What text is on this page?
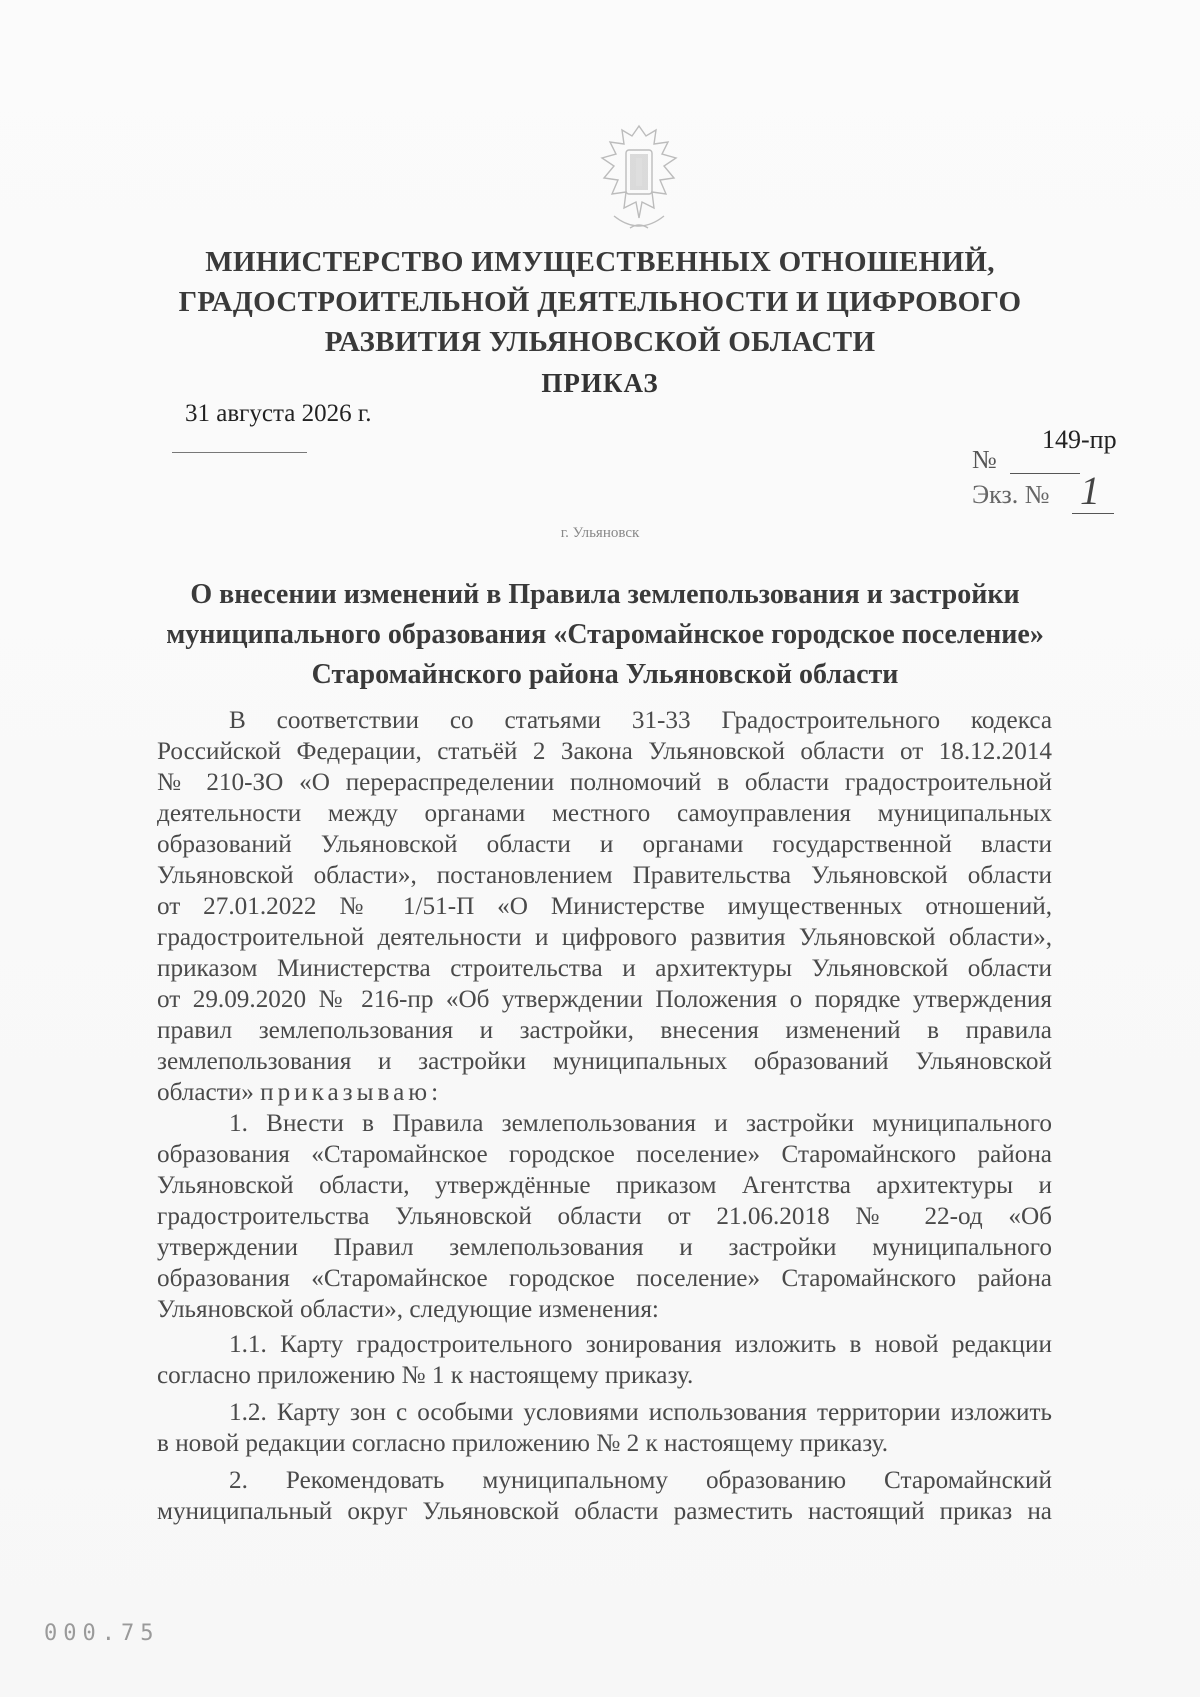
МИНИСТЕРСТВО ИМУЩЕСТВЕННЫХ ОТНОШЕНИЙ,
ГРАДОСТРОИТЕЛЬНОЙ ДЕЯТЕЛЬНОСТИ И ЦИФРОВОГО
РАЗВИТИЯ УЛЬЯНОВСКОЙ ОБЛАСТИ
ПРИКАЗ
31 августа 2026 г.
№
149-пр
Экз. № 1
г. Ульяновск
О внесении изменений в Правила землепользования и застройки
муниципального образования «Старомайнское городское поселение»
Старомайнского района Ульяновской области
В соответствии со статьями 31-33 Градостроительного кодекса
Российской Федерации, статьёй 2 Закона Ульяновской области от 18.12.2014
№ 210-ЗО «О перераспределении полномочий в области градостроительной
деятельности между органами местного самоуправления муниципальных
образований Ульяновской области и органами государственной власти
Ульяновской области», постановлением Правительства Ульяновской области
от 27.01.2022 № 1/51-П «О Министерстве имущественных отношений,
градостроительной деятельности и цифрового развития Ульяновской области»,
приказом Министерства строительства и архитектуры Ульяновской области
от 29.09.2020 № 216-пр «Об утверждении Положения о порядке утверждения
правил землепользования и застройки, внесения изменений в правила
землепользования и застройки муниципальных образований Ульяновской
области» приказываю:
1. Внести в Правила землепользования и застройки муниципального
образования «Старомайнское городское поселение» Старомайнского района
Ульяновской области, утверждённые приказом Агентства архитектуры и
градостроительства Ульяновской области от 21.06.2018 № 22-од «Об
утверждении Правил землепользования и застройки муниципального
образования «Старомайнское городское поселение» Старомайнского района
Ульяновской области», следующие изменения:
1.1. Карту градостроительного зонирования изложить в новой редакции
согласно приложению № 1 к настоящему приказу.
1.2. Карту зон с особыми условиями использования территории изложить
в новой редакции согласно приложению № 2 к настоящему приказу.
2. Рекомендовать муниципальному образованию Старомайнский
муниципальный округ Ульяновской области разместить настоящий приказ на
000.75
